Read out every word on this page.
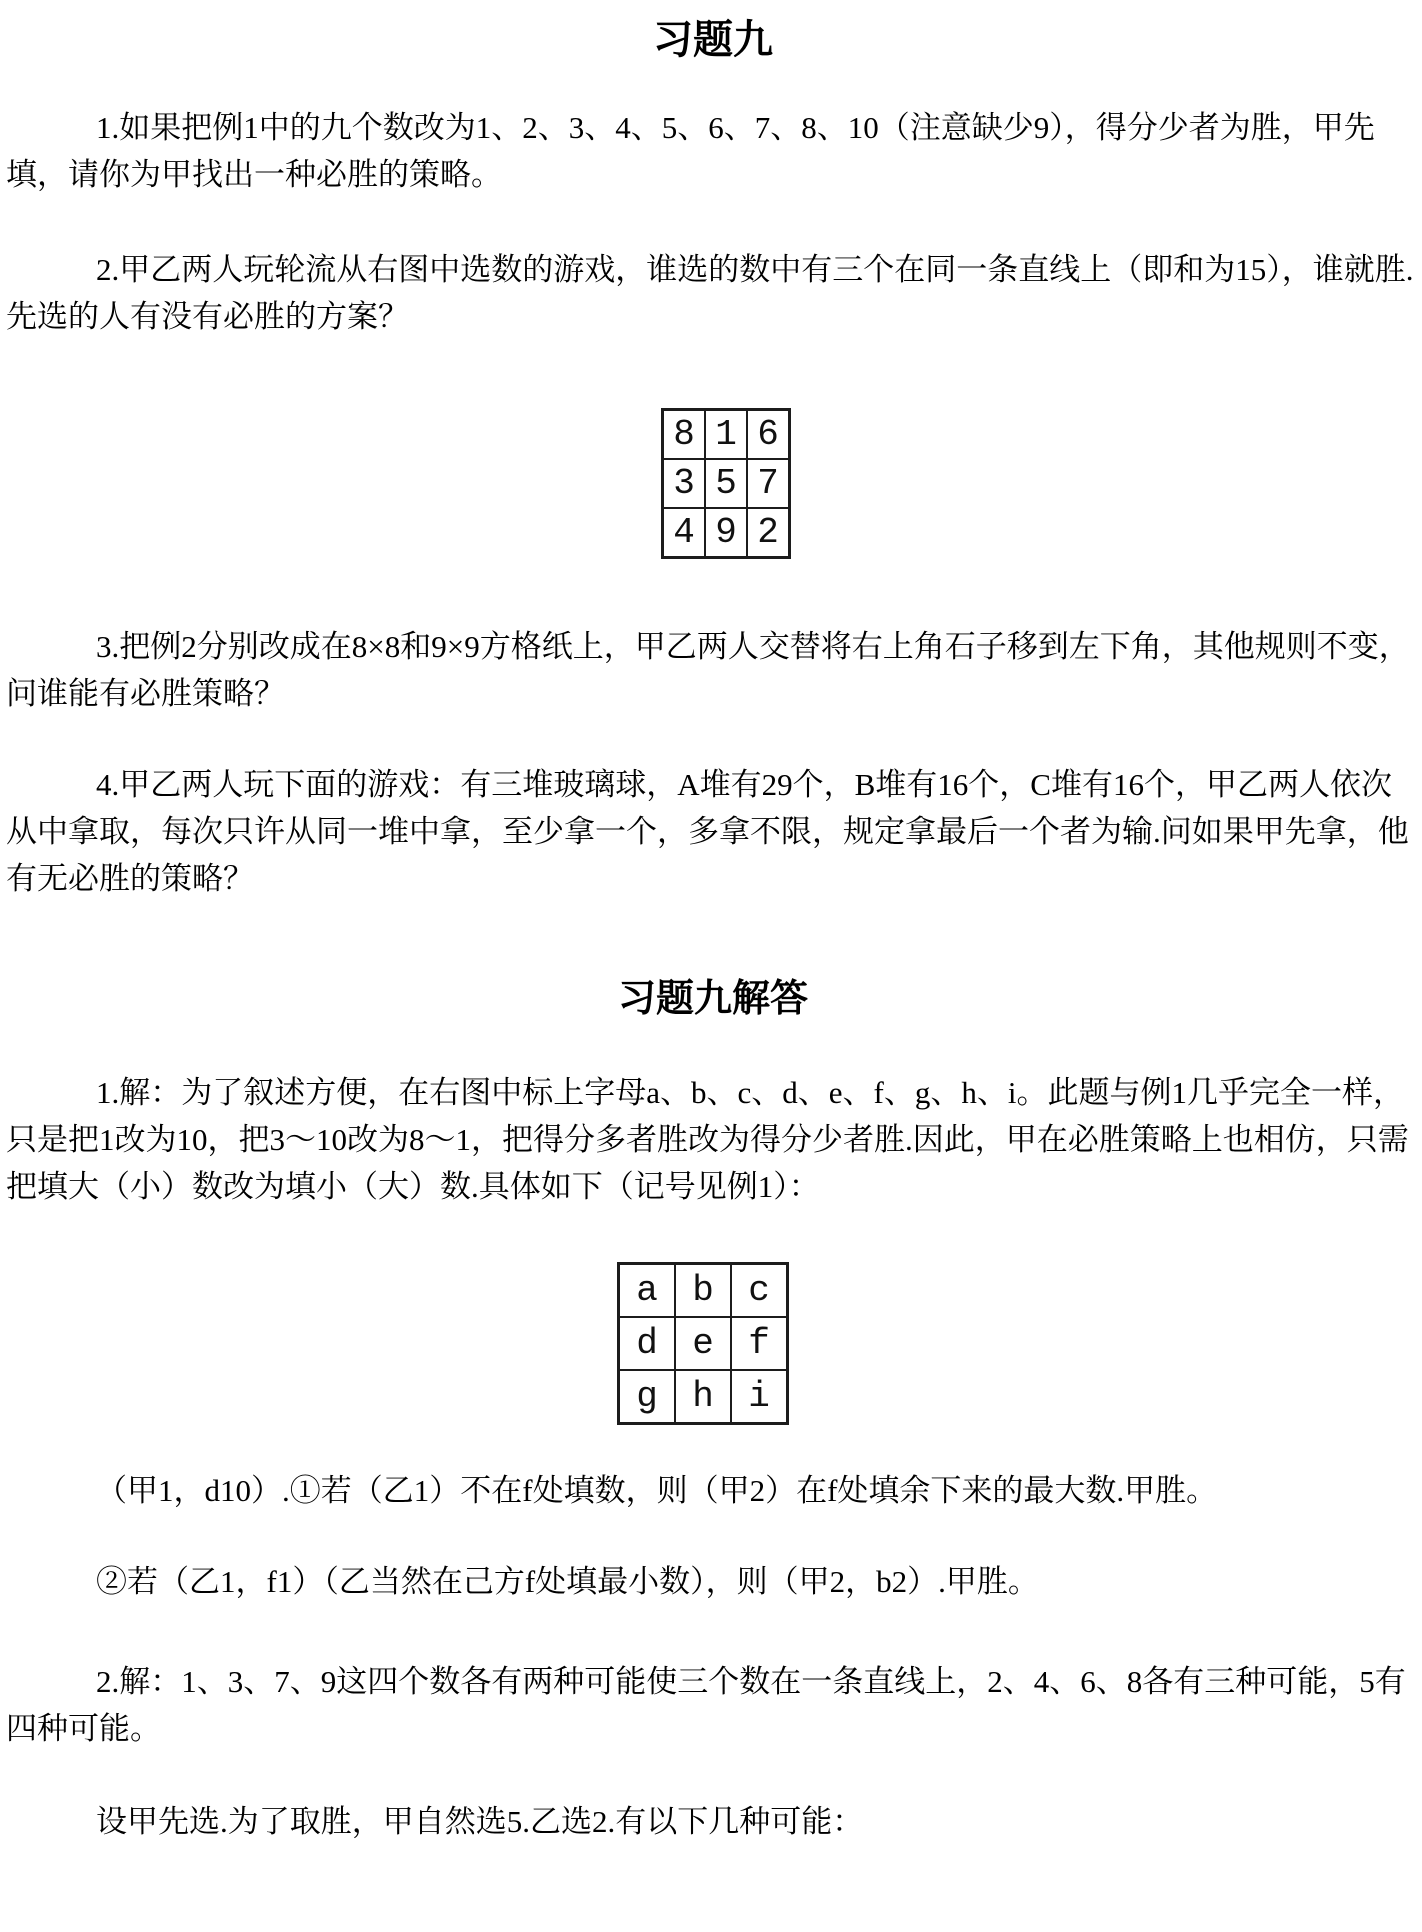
习题九

1.如果把例1中的九个数改为1、2、3、4、5、6、7、8、10（注意缺少9），得分少者为胜，甲先填，请你为甲找出一种必胜的策略。

2.甲乙两人玩轮流从右图中选数的游戏，谁选的数中有三个在同一条直线上（即和为15），谁就胜.先选的人有没有必胜的方案？

8	1	6
3	5	7
4	9	2

3.把例2分别改成在8×8和9×9方格纸上，甲乙两人交替将右上角石子移到左下角，其他规则不变，问谁能有必胜策略？

4.甲乙两人玩下面的游戏：有三堆玻璃球，A堆有29个，B堆有16个，C堆有16个，甲乙两人依次从中拿取，每次只许从同一堆中拿，至少拿一个，多拿不限，规定拿最后一个者为输.问如果甲先拿，他有无必胜的策略？

习题九解答

1.解：为了叙述方便，在右图中标上字母a、b、c、d、e、f、g、h、i。此题与例1几乎完全一样，只是把1改为10，把3～10改为8～1，把得分多者胜改为得分少者胜.因此，甲在必胜策略上也相仿，只需把填大（小）数改为填小（大）数.具体如下（记号见例1）：

a	b	c
d	e	f
g	h	i

（甲1，d10）.①若（乙1）不在f处填数，则（甲2）在f处填余下来的最大数.甲胜。

②若（乙1，f1）（乙当然在己方f处填最小数），则（甲2，b2）.甲胜。

2.解：1、3、7、9这四个数各有两种可能使三个数在一条直线上，2、4、6、8各有三种可能，5有四种可能。

设甲先选.为了取胜，甲自然选5.乙选2.有以下几种可能：
